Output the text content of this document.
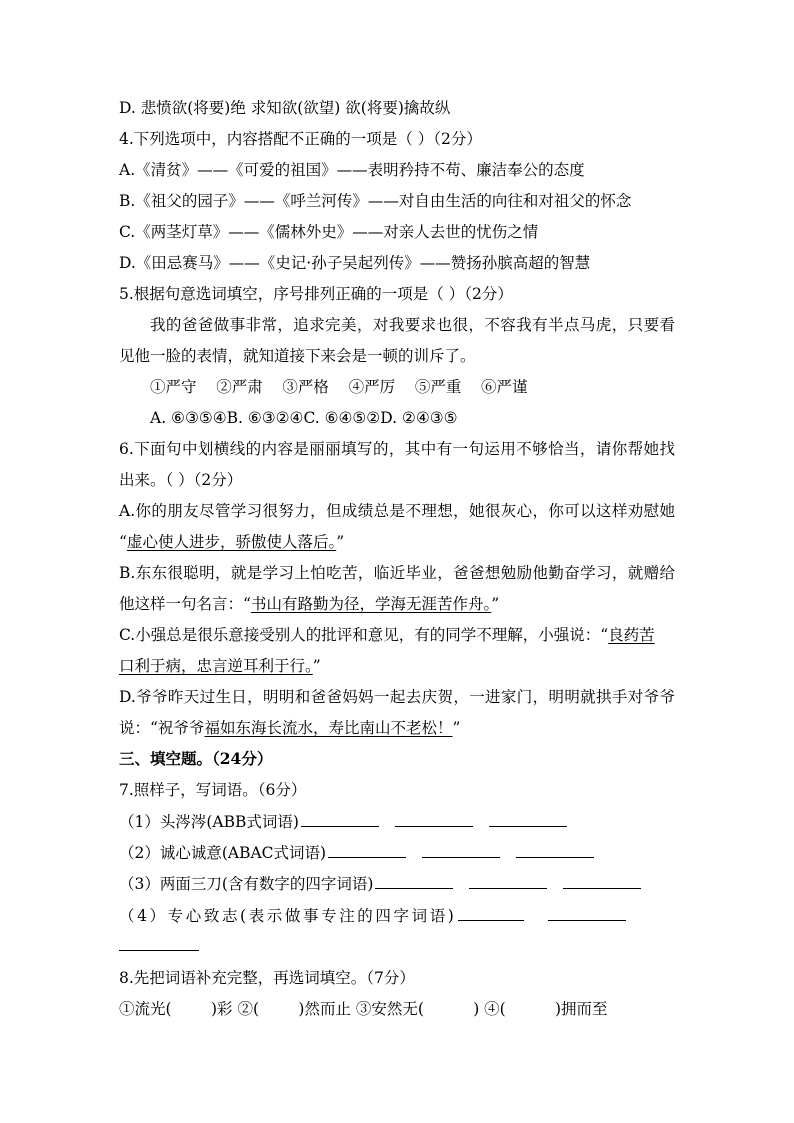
D. 悲愤欲(将要)绝 求知欲(欲望) 欲(将要)擒故纵
4.下列选项中，内容搭配不正确的一项是（ ）（2分）
A.《清贫》——《可爱的祖国》——表明矜持不苟、廉洁奉公的态度
B.《祖父的园子》——《呼兰河传》——对自由生活的向往和对祖父的怀念
C.《两茎灯草》——《儒林外史》——对亲人去世的忧伤之情
D.《田忌赛马》——《史记·孙子吴起列传》——赞扬孙膑高超的智慧
5.根据句意选词填空，序号排列正确的一项是（ ）（2分）
我的爸爸做事非常，追求完美，对我要求也很，不容我有半点马虎，只要看
见他一脸的表情，就知道接下来会是一顿的训斥了。
①严守    ②严肃    ③严格    ④严厉    ⑤严重    ⑥严谨
A. ⑥③⑤④B. ⑥③②④C. ⑥④⑤②D. ②④③⑤
6.下面句中划横线的内容是丽丽填写的，其中有一句运用不够恰当，请你帮她找
出来。（ ）（2分）
A.你的朋友尽管学习很努力，但成绩总是不理想，她很灰心，你可以这样劝慰她
“虚心使人进步，骄傲使人落后。”
B.东东很聪明，就是学习上怕吃苦，临近毕业，爸爸想勉励他勤奋学习，就赠给
他这样一句名言：“书山有路勤为径，学海无涯苦作舟。”
C.小强总是很乐意接受别人的批评和意见，有的同学不理解，小强说：“良药苦
口利于病，忠言逆耳利于行。”
D.爷爷昨天过生日，明明和爸爸妈妈一起去庆贺，一进家门，明明就拱手对爷爷
说：“祝爷爷福如东海长流水，寿比南山不老松！”
三、填空题。（24分）
7.照样子，写词语。（6分）
（1）头涔涔(ABB式词语)
（2）诚心诚意(ABAC式词语)
（3）两面三刀(含有数字的四字词语)
（4）专心致志(表示做事专注的四字词语)
8.先把词语补充完整，再选词填空。（7分）
①流光(        )彩 ②(        )然而止 ③安然无(          ) ④(          )拥而至
